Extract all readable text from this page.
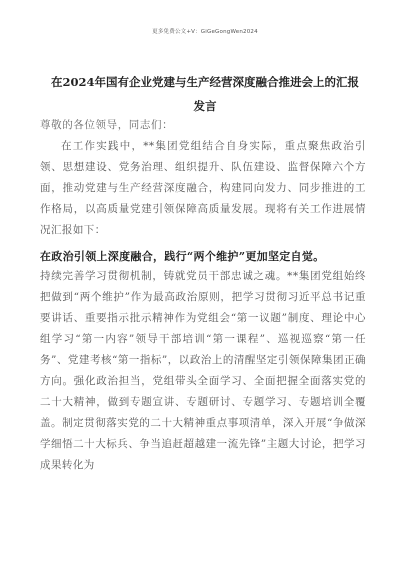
更多免费公文+V：GiGeGongWen2024
在2024年国有企业党建与生产经营深度融合推进会上的汇报发言
尊敬的各位领导，同志们：
在工作实践中，**集团党组结合自身实际，重点聚焦政治引领、思想建设、党务治理、组织提升、队伍建设、监督保障六个方面，推动党建与生产经营深度融合，构建同向发力、同步推进的工作格局，以高质量党建引领保障高质量发展。现将有关工作进展情况汇报如下：
在政治引领上深度融合，践行“两个维护”更加坚定自觉。
持续完善学习贯彻机制，铸就党员干部忠诚之魂。**集团党组始终把做到“两个维护”作为最高政治原则，把学习贯彻习近平总书记重要讲话、重要指示批示精神作为党组会“第一议题”制度、理论中心组学习“第一内容”领导干部培训“第一课程”、巡视巡察“第一任务”、党建考核“第一指标”，以政治上的清醒坚定引领保障集团正确方向。强化政治担当，党组带头全面学习、全面把握全面落实党的二十大精神，做到专题宣讲、专题研讨、专题学习、专题培训全覆盖。制定贯彻落实党的二十大精神重点事项清单，深入开展“争做深学细悟二十大标兵、争当追赶超越建一流先锋”主题大讨论，把学习成果转化为
